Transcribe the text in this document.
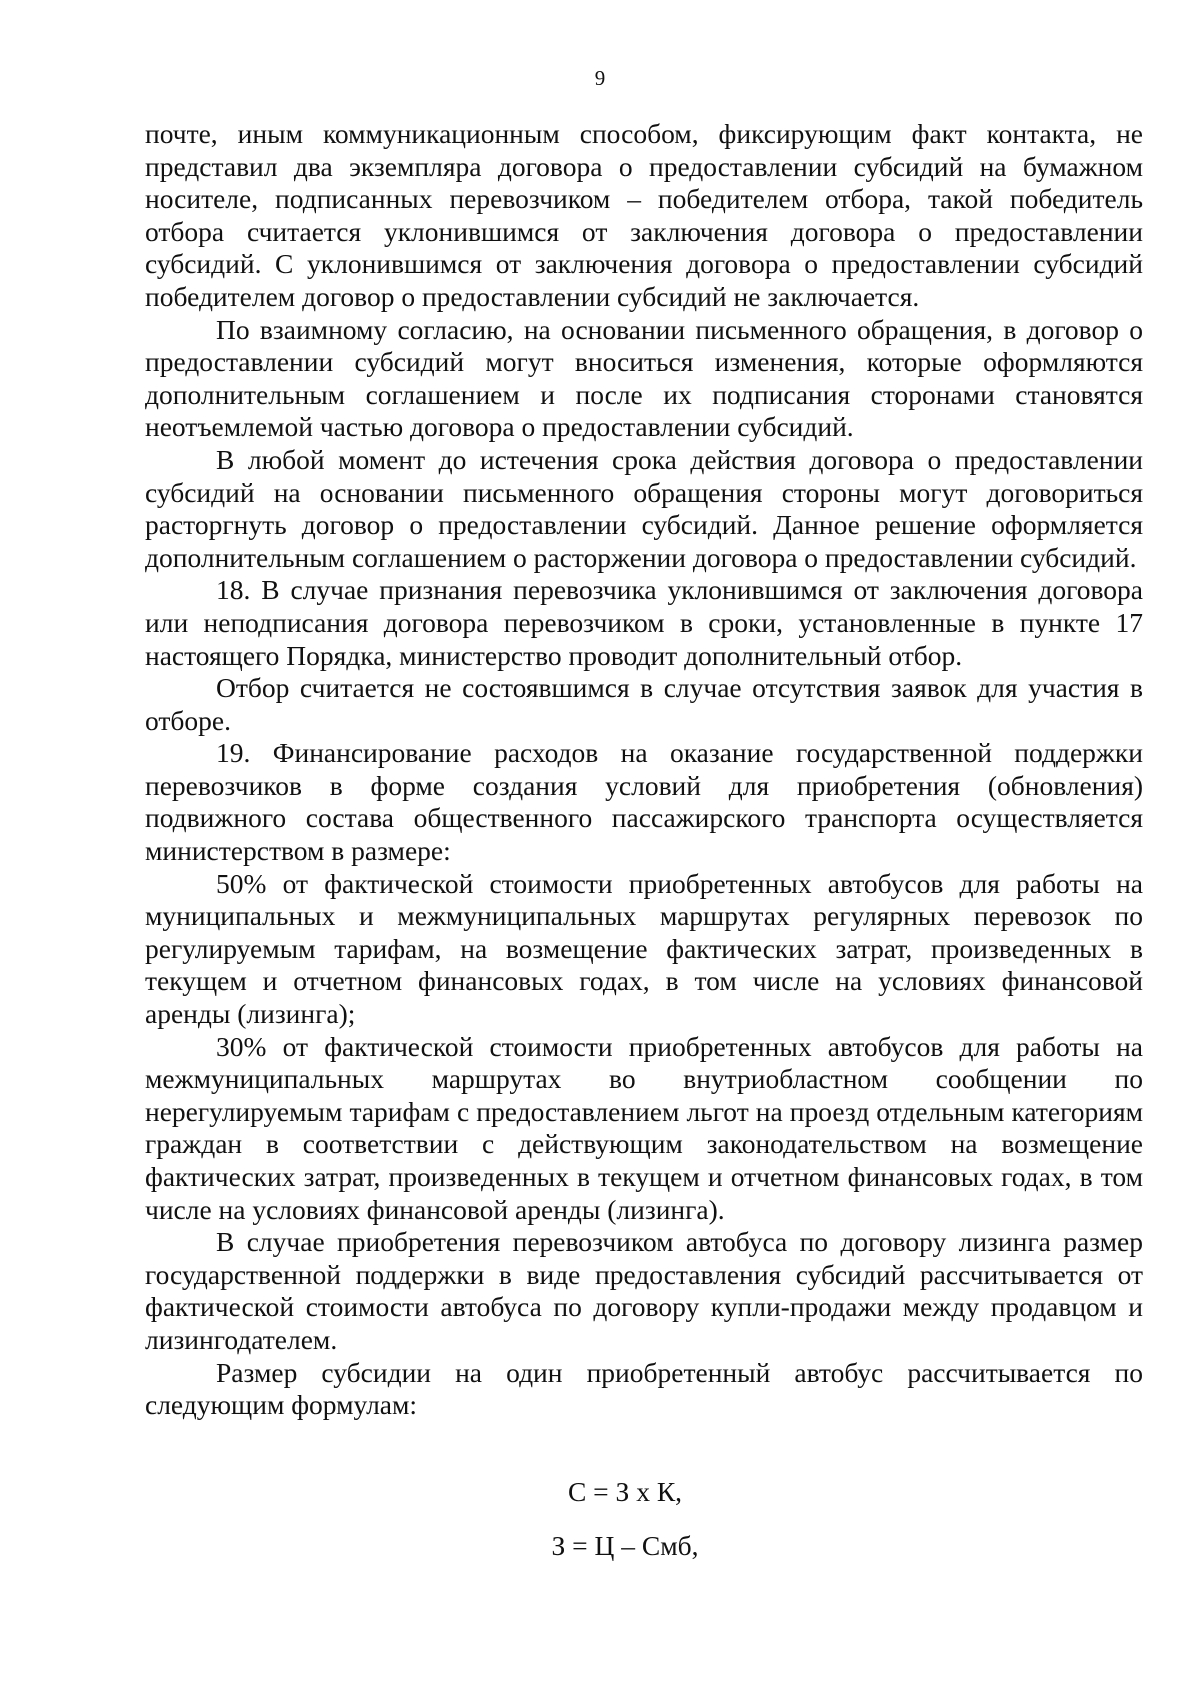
9

почте, иным коммуникационным способом, фиксирующим факт контакта, не представил два экземпляра договора о предоставлении субсидий на бумажном носителе, подписанных перевозчиком – победителем отбора, такой победитель отбора считается уклонившимся от заключения договора о предоставлении субсидий. С уклонившимся от заключения договора о предоставлении субсидий победителем договор о предоставлении субсидий не заключается.

По взаимному согласию, на основании письменного обращения, в договор о предоставлении субсидий могут вноситься изменения, которые оформляются дополнительным соглашением и после их подписания сторонами становятся неотъемлемой частью договора о предоставлении субсидий.

В любой момент до истечения срока действия договора о предоставлении субсидий на основании письменного обращения стороны могут договориться расторгнуть договор о предоставлении субсидий. Данное решение оформляется дополнительным соглашением о расторжении договора о предоставлении субсидий.

18. В случае признания перевозчика уклонившимся от заключения договора или неподписания договора перевозчиком в сроки, установленные в пункте 17 настоящего Порядка, министерство проводит дополнительный отбор.

Отбор считается не состоявшимся в случае отсутствия заявок для участия в отборе.

19. Финансирование расходов на оказание государственной поддержки перевозчиков в форме создания условий для приобретения (обновления) подвижного состава общественного пассажирского транспорта осуществляется министерством в размере:

50% от фактической стоимости приобретенных автобусов для работы на муниципальных и межмуниципальных маршрутах регулярных перевозок по регулируемым тарифам, на возмещение фактических затрат, произведенных в текущем и отчетном финансовых годах, в том числе на условиях финансовой аренды (лизинга);

30% от фактической стоимости приобретенных автобусов для работы на межмуниципальных маршрутах во внутриобластном сообщении по нерегулируемым тарифам с предоставлением льгот на проезд отдельным категориям граждан в соответствии с действующим законодательством на возмещение фактических затрат, произведенных в текущем и отчетном финансовых годах, в том числе на условиях финансовой аренды (лизинга).

В случае приобретения перевозчиком автобуса по договору лизинга размер государственной поддержки в виде предоставления субсидий рассчитывается от фактической стоимости автобуса по договору купли-продажи между продавцом и лизингодателем.

Размер субсидии на один приобретенный автобус рассчитывается по следующим формулам:

С = З х К,
З = Ц – Смб,
